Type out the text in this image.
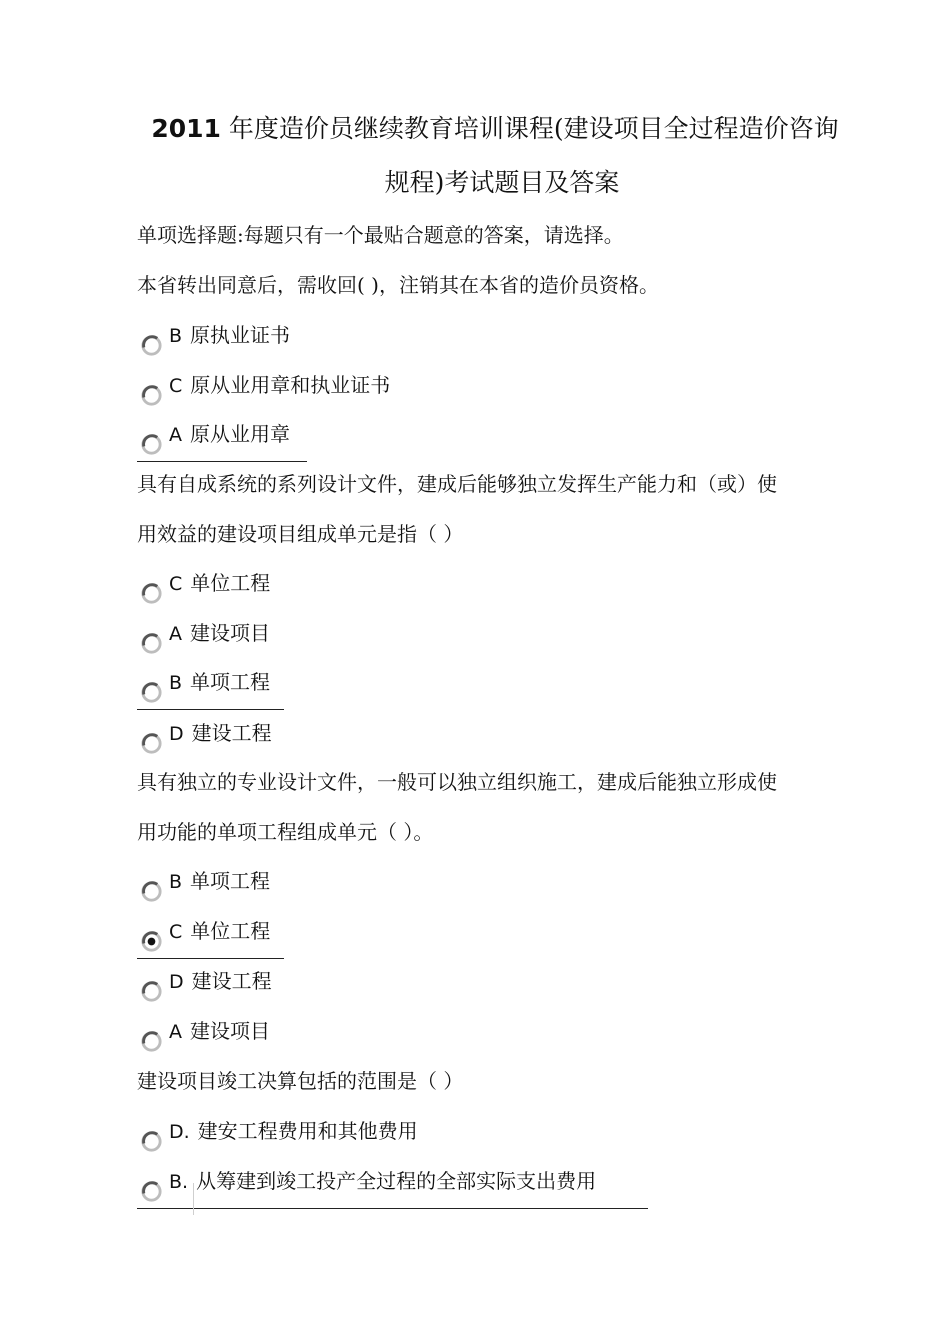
2011 年度造价员继续教育培训课程(建设项目全过程造价咨询
规程)考试题目及答案
单项选择题:每题只有一个最贴合题意的答案，请选择。
本省转出同意后，需收回( )，注销其在本省的造价员资格。
B 原执业证书
C 原从业用章和执业证书
A 原从业用章
具有自成系统的系列设计文件，建成后能够独立发挥生产能力和（或）使
用效益的建设项目组成单元是指（ ）
C 单位工程
A 建设项目
B 单项工程
D 建设工程
具有独立的专业设计文件，一般可以独立组织施工，建成后能独立形成使
用功能的单项工程组成单元（ ）。
B 单项工程
C 单位工程
D 建设工程
A 建设项目
建设项目竣工决算包括的范围是（ ）
D. 建安工程费用和其他费用
B. 从筹建到竣工投产全过程的全部实际支出费用
